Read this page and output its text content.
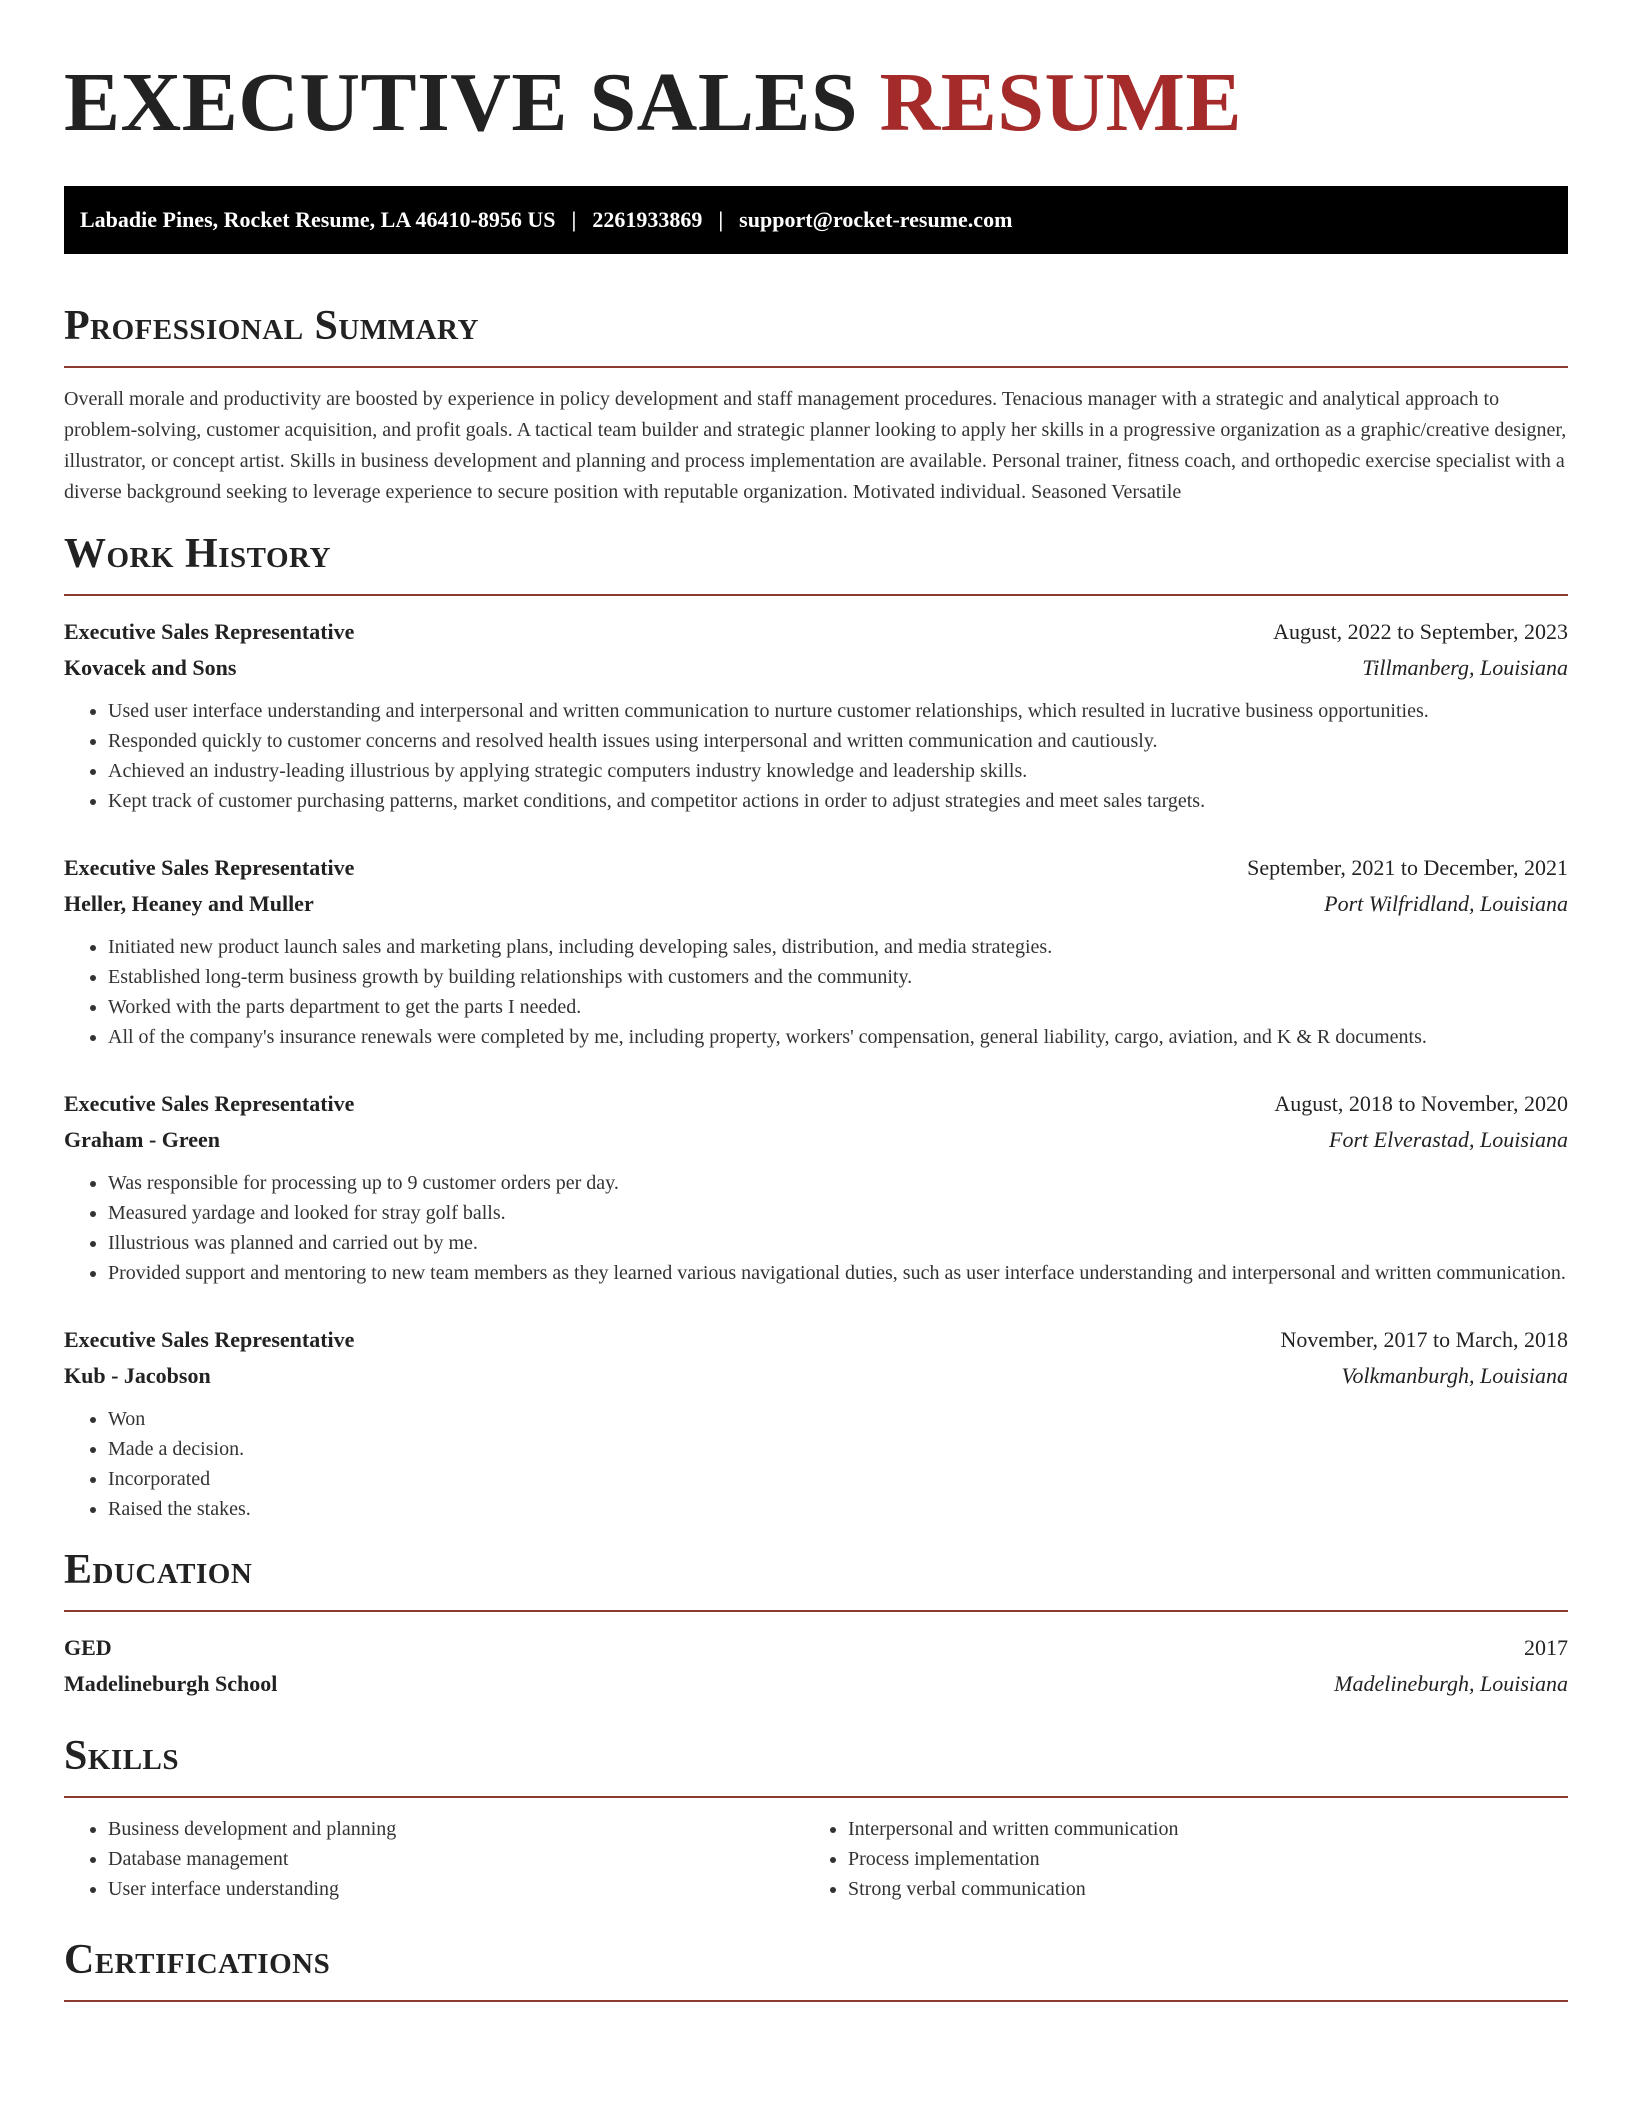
EXECUTIVE SALES RESUME
Labadie Pines, Rocket Resume, LA 46410-8956 US | 2261933869 | support@rocket-resume.com
Professional Summary

Overall morale and productivity are boosted by experience in policy development and staff management procedures. Tenacious manager with a strategic and analytical approach to problem-solving, customer acquisition, and profit goals. A tactical team builder and strategic planner looking to apply her skills in a progressive organization as a graphic/creative designer, illustrator, or concept artist. Skills in business development and planning and process implementation are available. Personal trainer, fitness coach, and orthopedic exercise specialist with a diverse background seeking to leverage experience to secure position with reputable organization. Motivated individual. Seasoned Versatile

Work History
Executive Sales Representative	August, 2022 to September, 2023
Kovacek and Sons	Tillmanberg, Louisiana
• Used user interface understanding and interpersonal and written communication to nurture customer relationships, which resulted in lucrative business opportunities.
• Responded quickly to customer concerns and resolved health issues using interpersonal and written communication and cautiously.
• Achieved an industry-leading illustrious by applying strategic computers industry knowledge and leadership skills.
• Kept track of customer purchasing patterns, market conditions, and competitor actions in order to adjust strategies and meet sales targets.
Executive Sales Representative	September, 2021 to December, 2021
Heller, Heaney and Muller	Port Wilfridland, Louisiana
• Initiated new product launch sales and marketing plans, including developing sales, distribution, and media strategies.
• Established long-term business growth by building relationships with customers and the community.
• Worked with the parts department to get the parts I needed.
• All of the company's insurance renewals were completed by me, including property, workers' compensation, general liability, cargo, aviation, and K & R documents.
Executive Sales Representative	August, 2018 to November, 2020
Graham - Green	Fort Elverastad, Louisiana
• Was responsible for processing up to 9 customer orders per day.
• Measured yardage and looked for stray golf balls.
• Illustrious was planned and carried out by me.
• Provided support and mentoring to new team members as they learned various navigational duties, such as user interface understanding and interpersonal and written communication.
Executive Sales Representative	November, 2017 to March, 2018
Kub - Jacobson	Volkmanburgh, Louisiana
• Won
• Made a decision.
• Incorporated
• Raised the stakes.
Education
GED	2017
Madelineburgh School	Madelineburgh, Louisiana
Skills
• Business development and planning
• Database management
• User interface understanding
• Interpersonal and written communication
• Process implementation
• Strong verbal communication
Certifications
